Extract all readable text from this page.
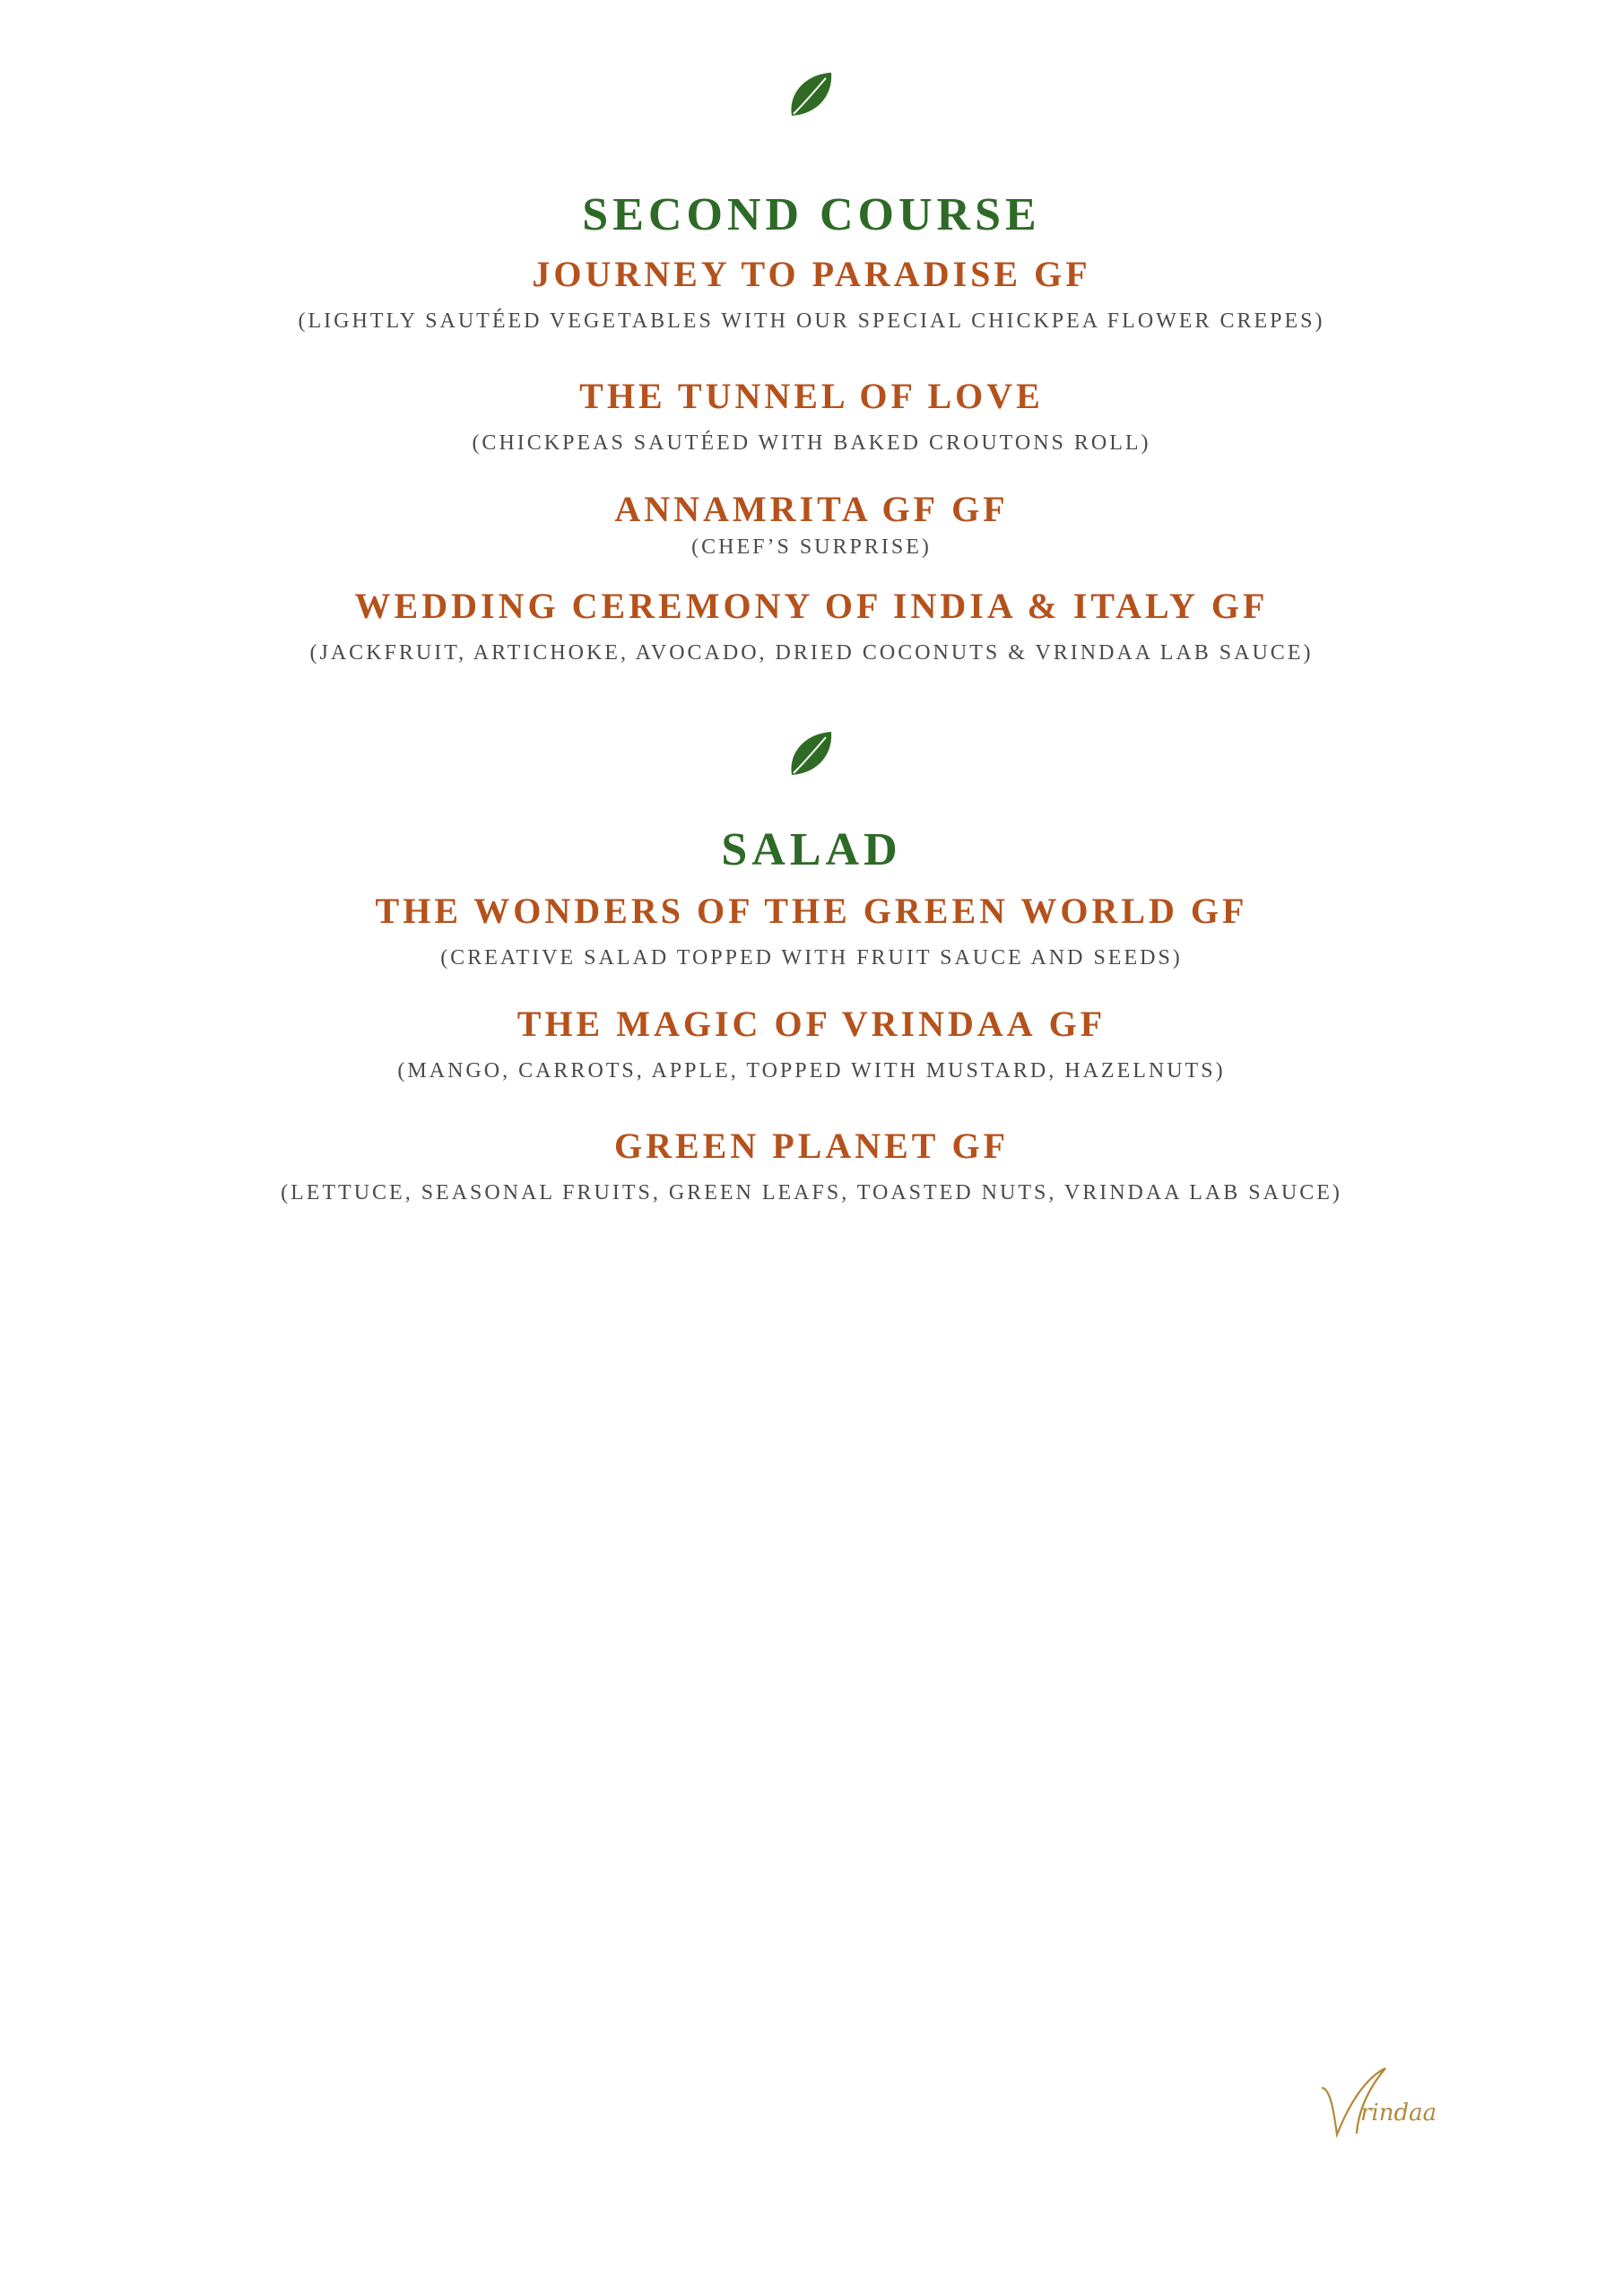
SECOND COURSE
JOURNEY TO PARADISE GF
(LIGHTLY SAUTÉED VEGETABLES WITH OUR SPECIAL CHICKPEA FLOWER CREPES)
THE TUNNEL OF LOVE
(CHICKPEAS SAUTÉED WITH BAKED CROUTONS ROLL)
ANNAMRITA GF GF
(CHEF’S SURPRISE)
WEDDING CEREMONY OF INDIA & ITALY GF
(JACKFRUIT, ARTICHOKE, AVOCADO, DRIED COCONUTS & VRINDAA LAB SAUCE)
SALAD
THE WONDERS OF THE GREEN WORLD GF
(CREATIVE SALAD TOPPED WITH FRUIT SAUCE AND SEEDS)
THE MAGIC OF VRINDAA GF
(MANGO, CARROTS, APPLE, TOPPED WITH MUSTARD, HAZELNUTS)
GREEN PLANET GF
(LETTUCE, SEASONAL FRUITS, GREEN LEAFS, TOASTED NUTS, VRINDAA LAB SAUCE)
rindaa
